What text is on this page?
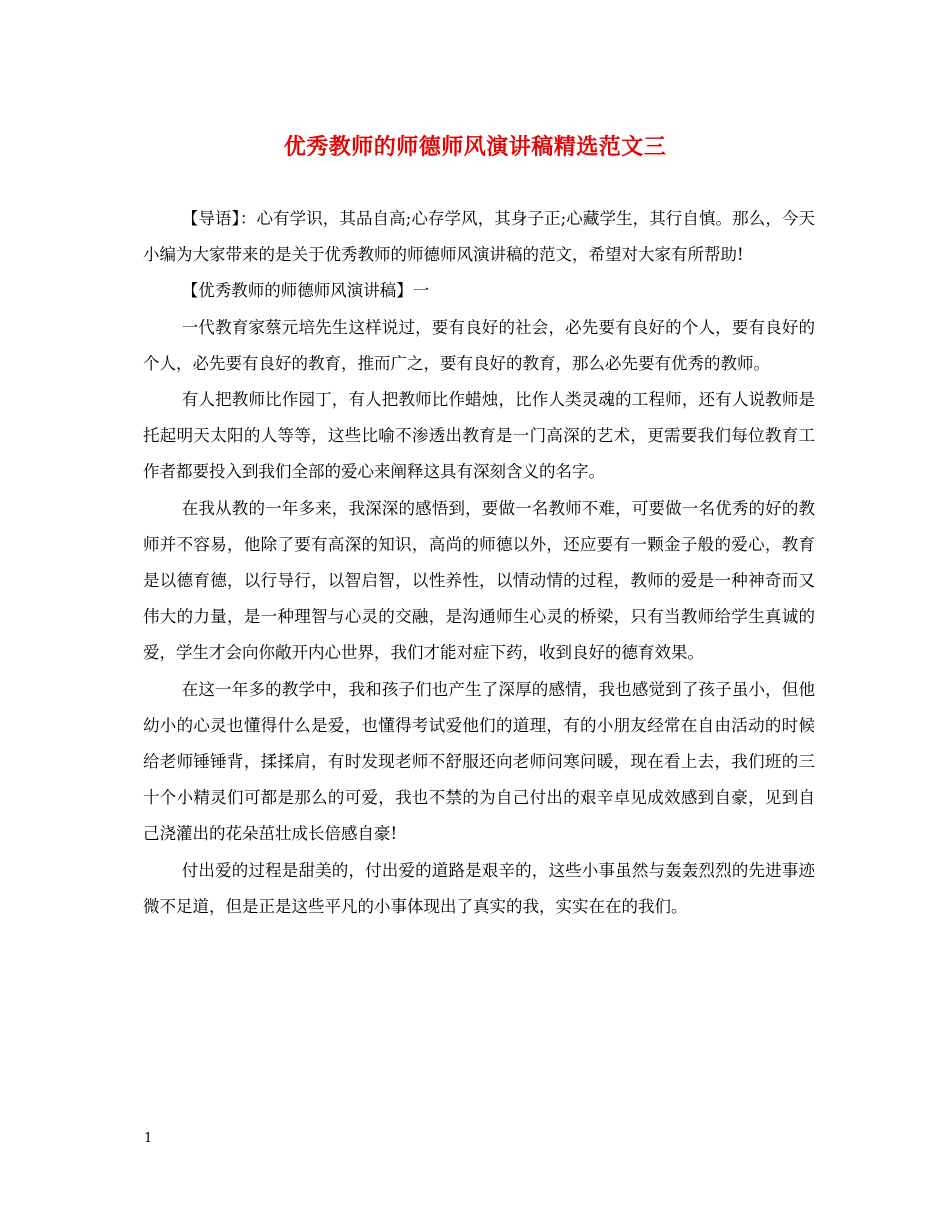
优秀教师的师德师风演讲稿精选范文三

【导语】：心有学识，其品自高;心存学风，其身子正;心藏学生，其行自慎。那么，今天小编为大家带来的是关于优秀教师的师德师风演讲稿的范文，希望对大家有所帮助!

【优秀教师的师德师风演讲稿】一

一代教育家蔡元培先生这样说过，要有良好的社会，必先要有良好的个人，要有良好的个人，必先要有良好的教育，推而广之，要有良好的教育，那么必先要有优秀的教师。

有人把教师比作园丁，有人把教师比作蜡烛，比作人类灵魂的工程师，还有人说教师是托起明天太阳的人等等，这些比喻不渗透出教育是一门高深的艺术，更需要我们每位教育工作者都要投入到我们全部的爱心来阐释这具有深刻含义的名字。

在我从教的一年多来，我深深的感悟到，要做一名教师不难，可要做一名优秀的好的教师并不容易，他除了要有高深的知识，高尚的师德以外，还应要有一颗金子般的爱心，教育是以德育德，以行导行，以智启智，以性养性，以情动情的过程，教师的爱是一种神奇而又伟大的力量，是一种理智与心灵的交融，是沟通师生心灵的桥梁，只有当教师给学生真诚的爱，学生才会向你敞开内心世界，我们才能对症下药，收到良好的德育效果。

在这一年多的教学中，我和孩子们也产生了深厚的感情，我也感觉到了孩子虽小，但他幼小的心灵也懂得什么是爱，也懂得考试爱他们的道理，有的小朋友经常在自由活动的时候给老师锤锤背，揉揉肩，有时发现老师不舒服还向老师问寒问暖，现在看上去，我们班的三十个小精灵们可都是那么的可爱，我也不禁的为自己付出的艰辛卓见成效感到自豪，见到自己浇灌出的花朵茁壮成长倍感自豪!

付出爱的过程是甜美的，付出爱的道路是艰辛的，这些小事虽然与轰轰烈烈的先进事迹微不足道，但是正是这些平凡的小事体现出了真实的我，实实在在的我们。

1
